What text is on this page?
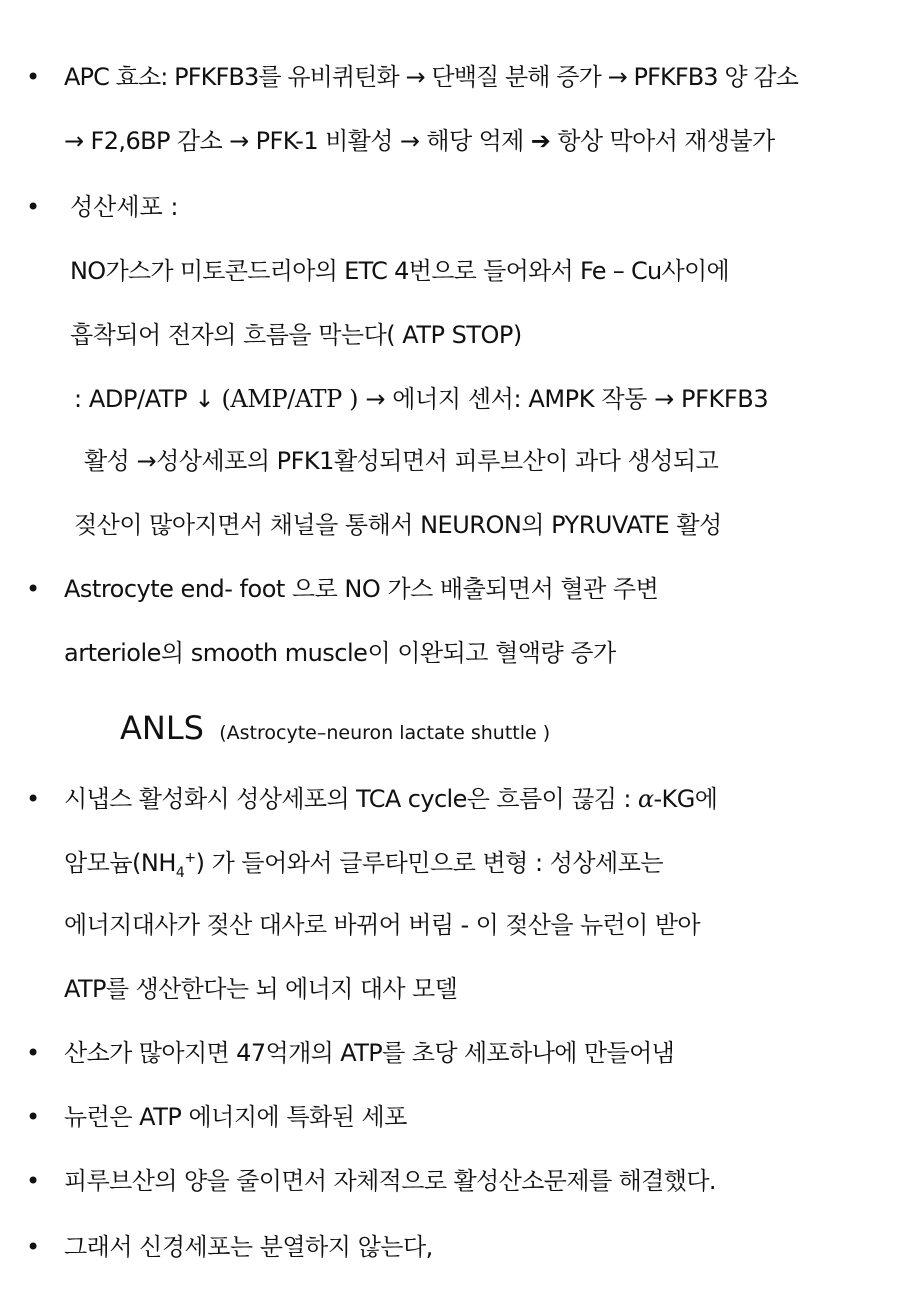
• APC 효소: PFKFB3를 유비퀴틴화 → 단백질 분해 증가 → PFKFB3 양 감소
→ F2,6BP 감소 → PFK-1 비활성 → 해당 억제 ➔ 항상 막아서 재생불가
• 성산세포 :
NO가스가 미토콘드리아의 ETC 4번으로 들어와서 Fe – Cu사이에
흡착되어 전자의 흐름을 막는다( ATP STOP)
: ADP/ATP ↓ (AMP/ATP ) → 에너지 센서: AMPK 작동 → PFKFB3
활성 →성상세포의 PFK1활성되면서 피루브산이 과다 생성되고
젖산이 많아지면서 채널을 통해서 NEURON의 PYRUVATE 활성
• Astrocyte end- foot 으로 NO 가스 배출되면서 혈관 주변
arteriole의 smooth muscle이 이완되고 혈액량 증가
ANLS (Astrocyte–neuron lactate shuttle )
• 시냅스 활성화시 성상세포의 TCA cycle은 흐름이 끊김 : α-KG에
암모늄$(NH_4^+)$ 가 들어와서 글루타민으로 변형 : 성상세포는
에너지대사가 젖산 대사로 바뀌어 버림 - 이 젖산을 뉴런이 받아
ATP를 생산한다는 뇌 에너지 대사 모델
• 산소가 많아지면 47억개의 ATP를 초당 세포하나에 만들어냄
• 뉴런은 ATP 에너지에 특화된 세포
• 피루브산의 양을 줄이면서 자체적으로 활성산소문제를 해결했다.
• 그래서 신경세포는 분열하지 않는다,
